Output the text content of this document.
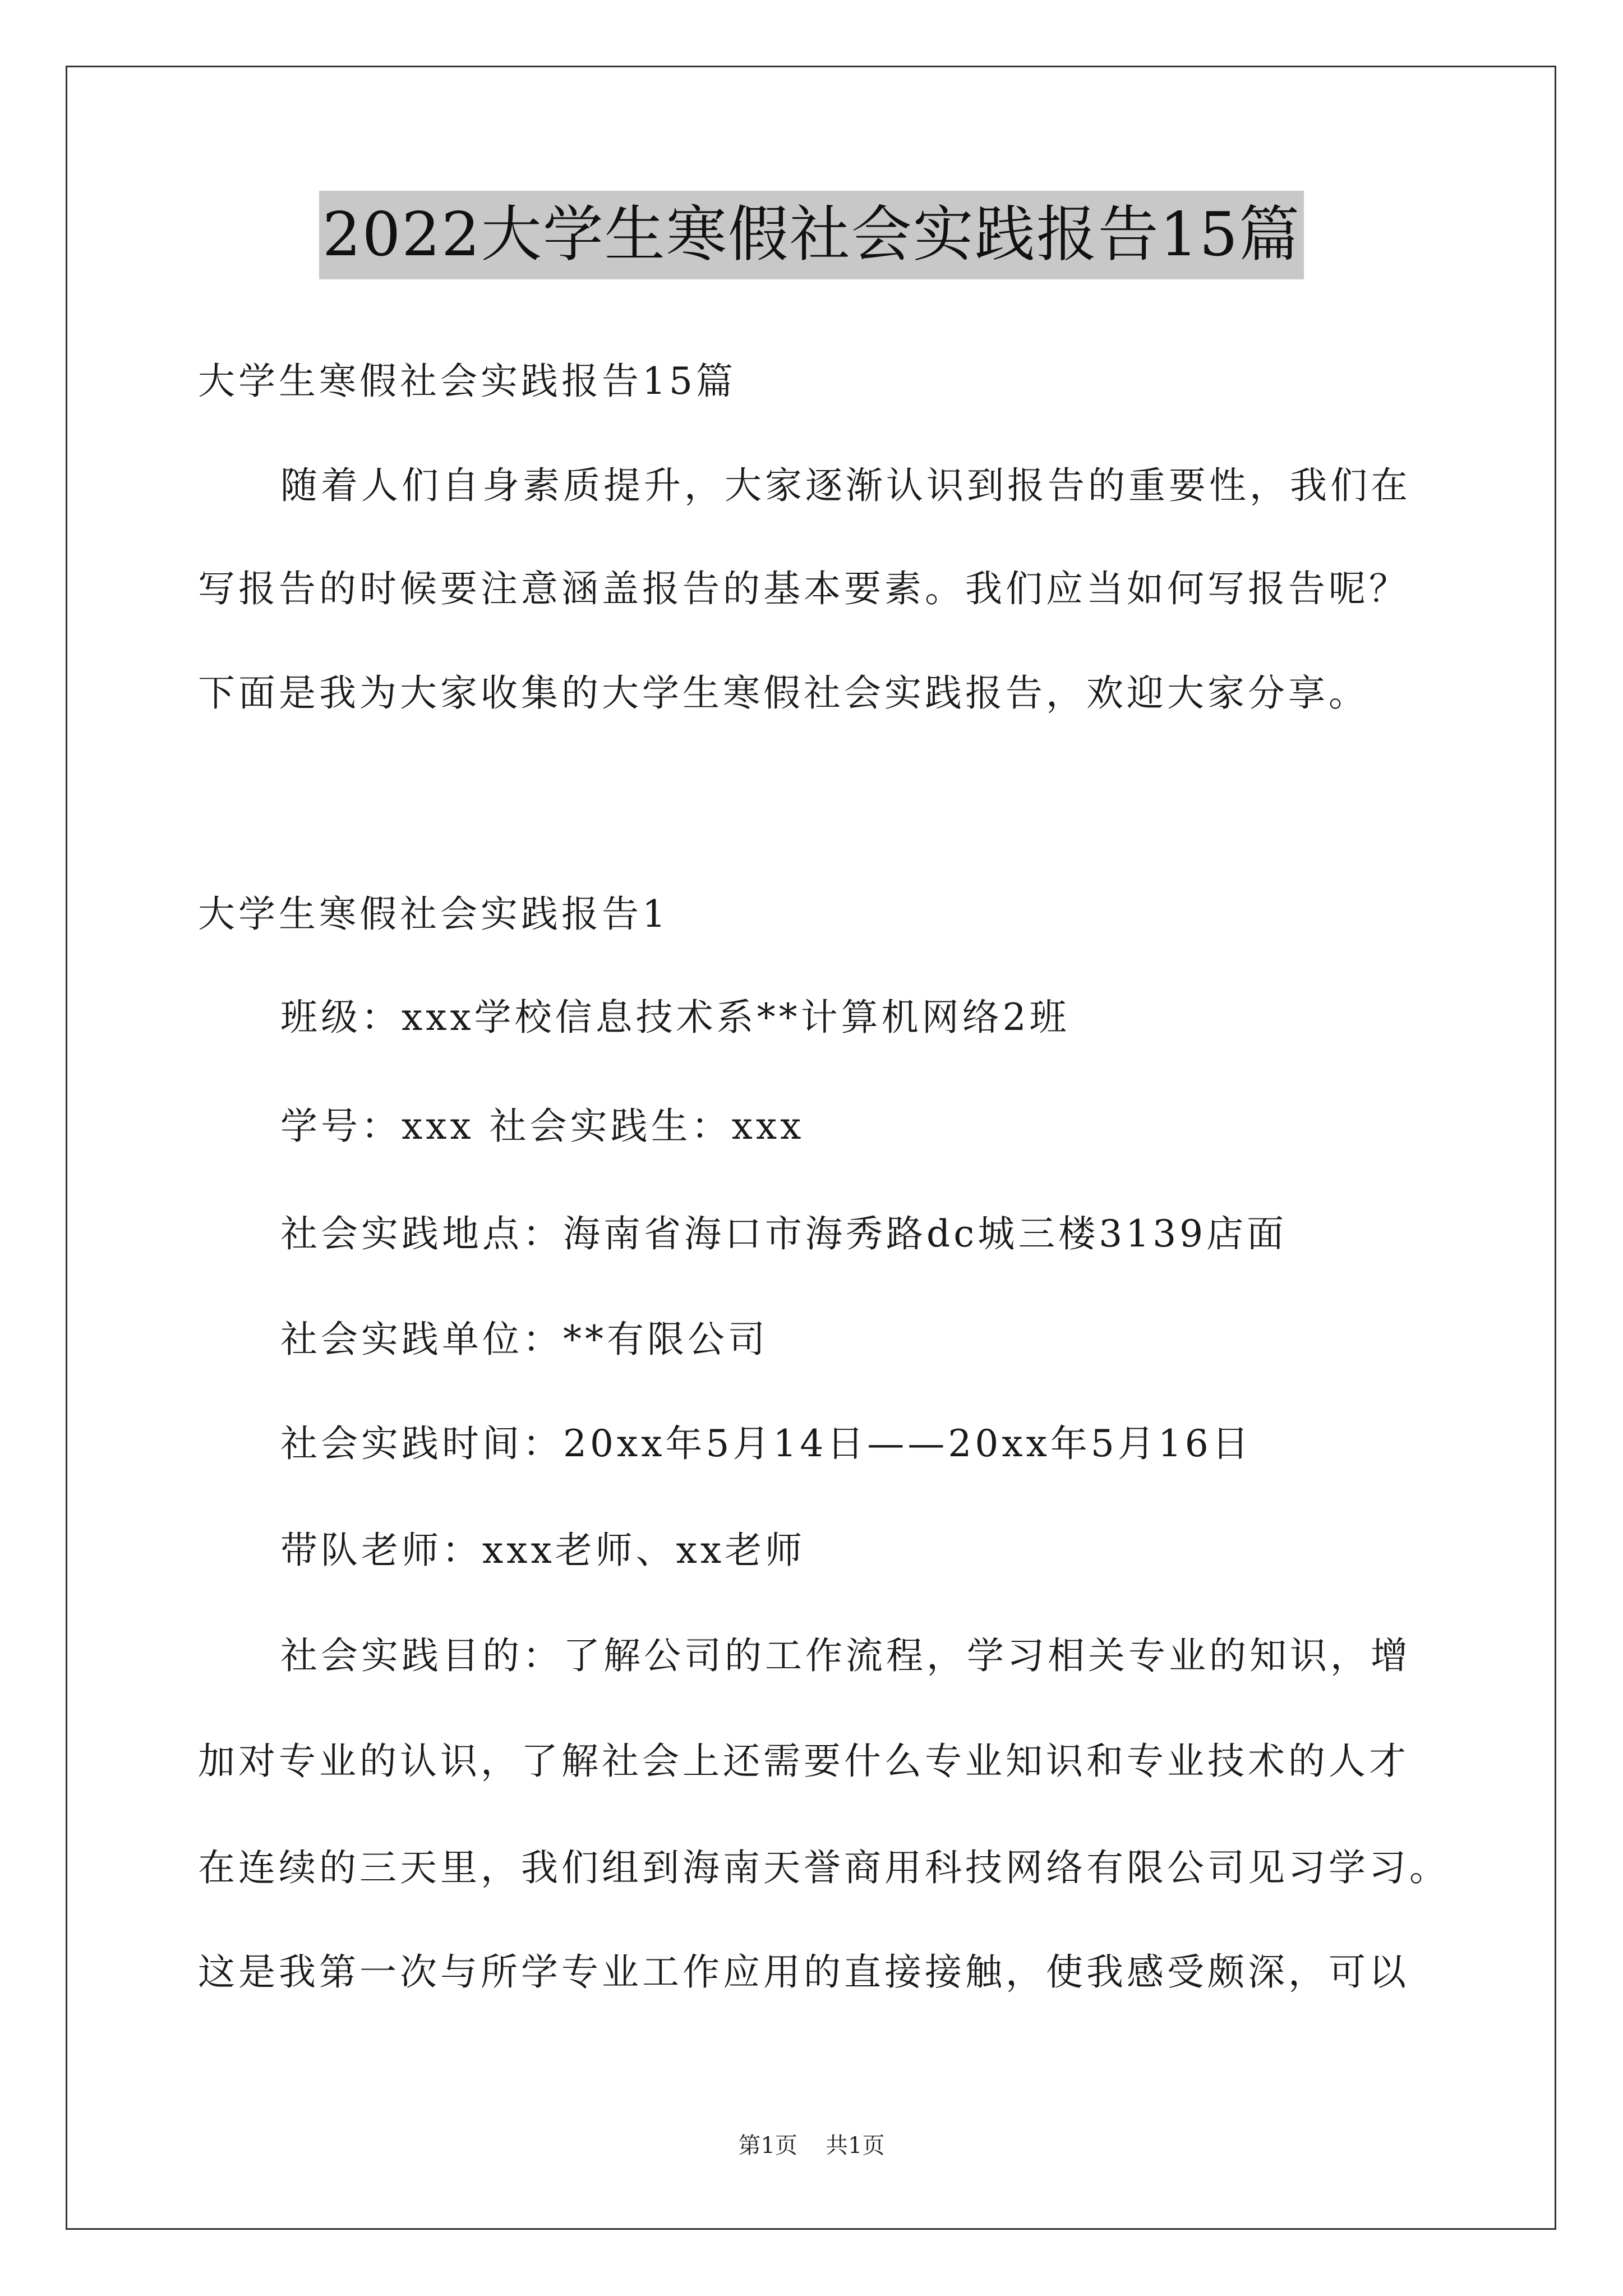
2022大学生寒假社会实践报告15篇
大学生寒假社会实践报告15篇
随着人们自身素质提升，大家逐渐认识到报告的重要性，我们在
写报告的时候要注意涵盖报告的基本要素。我们应当如何写报告呢？
下面是我为大家收集的大学生寒假社会实践报告，欢迎大家分享。
大学生寒假社会实践报告1
班级：xxx学校信息技术系**计算机网络2班
学号：xxx 社会实践生：xxx
社会实践地点：海南省海口市海秀路dc城三楼3139店面
社会实践单位：**有限公司
社会实践时间：20xx年5月14日——20xx年5月16日
带队老师：xxx老师、xx老师
社会实践目的：了解公司的工作流程，学习相关专业的知识，增
加对专业的认识，了解社会上还需要什么专业知识和专业技术的人才
在连续的三天里，我们组到海南天誉商用科技网络有限公司见习学习。
这是我第一次与所学专业工作应用的直接接触，使我感受颇深，可以
第1页 共1页
